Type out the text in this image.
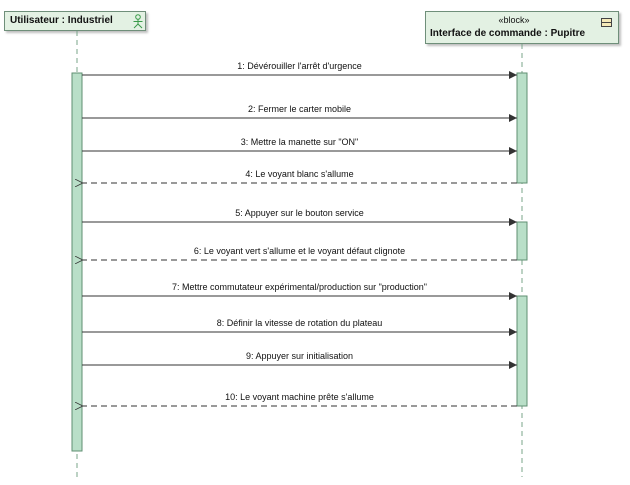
Utilisateur : Industriel	«block»
Interface de commande : Pupitre
1: Dévérouiller l'arrêt d'urgence
2: Fermer le carter mobile
3: Mettre la manette sur "ON"
4: Le voyant blanc s'allume
5: Appuyer sur le bouton service
6: Le voyant vert s'allume et le voyant défaut clignote
7: Mettre commutateur expérimental/production sur "production"
8: Définir la vitesse de rotation du plateau
9: Appuyer sur initialisation
10: Le voyant machine prête s'allume
